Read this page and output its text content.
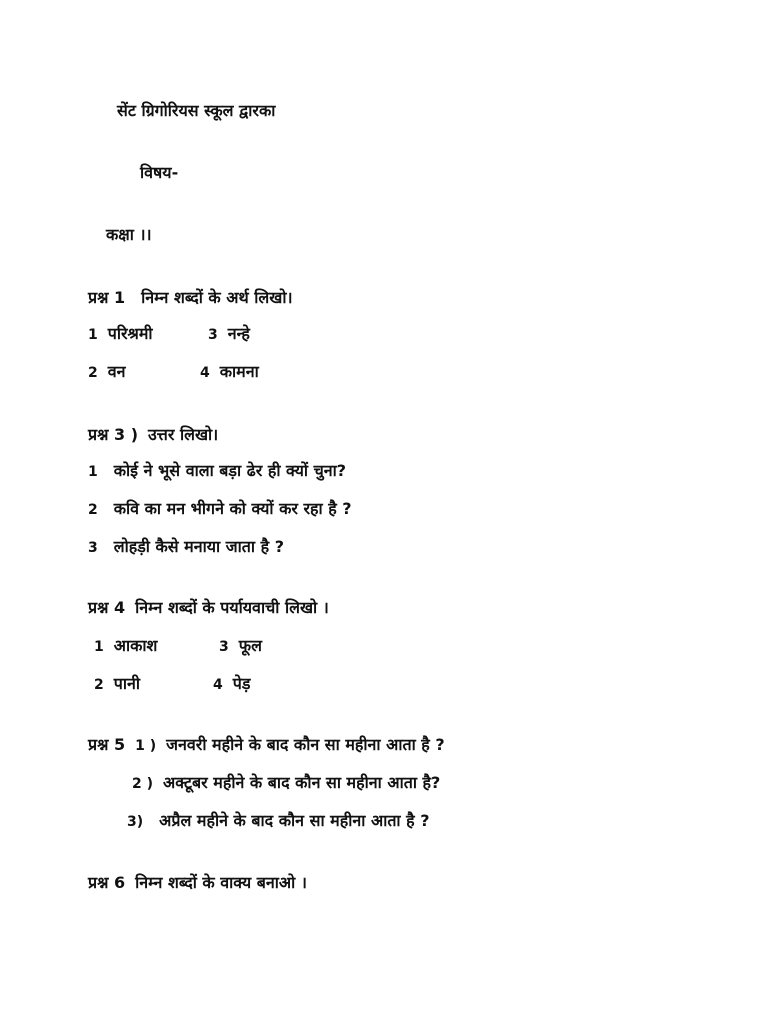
सेंट ग्रिगोरियस स्कूल द्वारका
विषय-
कक्षा ।।
प्रश्न 1 निम्न शब्दों के अर्थ लिखो।
1 परिश्रमी	3 नन्हे
2 वन	4 कामना
प्रश्न 3 ) उत्तर लिखो।
1 कोई ने भूसे वाला बड़ा ढेर ही क्यों चुना?
2 कवि का मन भीगने को क्यों कर रहा है ?
3 लोहड़ी कैसे मनाया जाता है ?
प्रश्न 4 निम्न शब्दों के पर्यायवाची लिखो ।
1 आकाश	3 फूल
2 पानी	4 पेड़
प्रश्न 5 1 ) जनवरी महीने के बाद कौन सा महीना आता है ?
2 ) अक्टूबर महीने के बाद कौन सा महीना आता है?
3) अप्रैल महीने के बाद कौन सा महीना आता है ?
प्रश्न 6 निम्न शब्दों के वाक्य बनाओ ।
